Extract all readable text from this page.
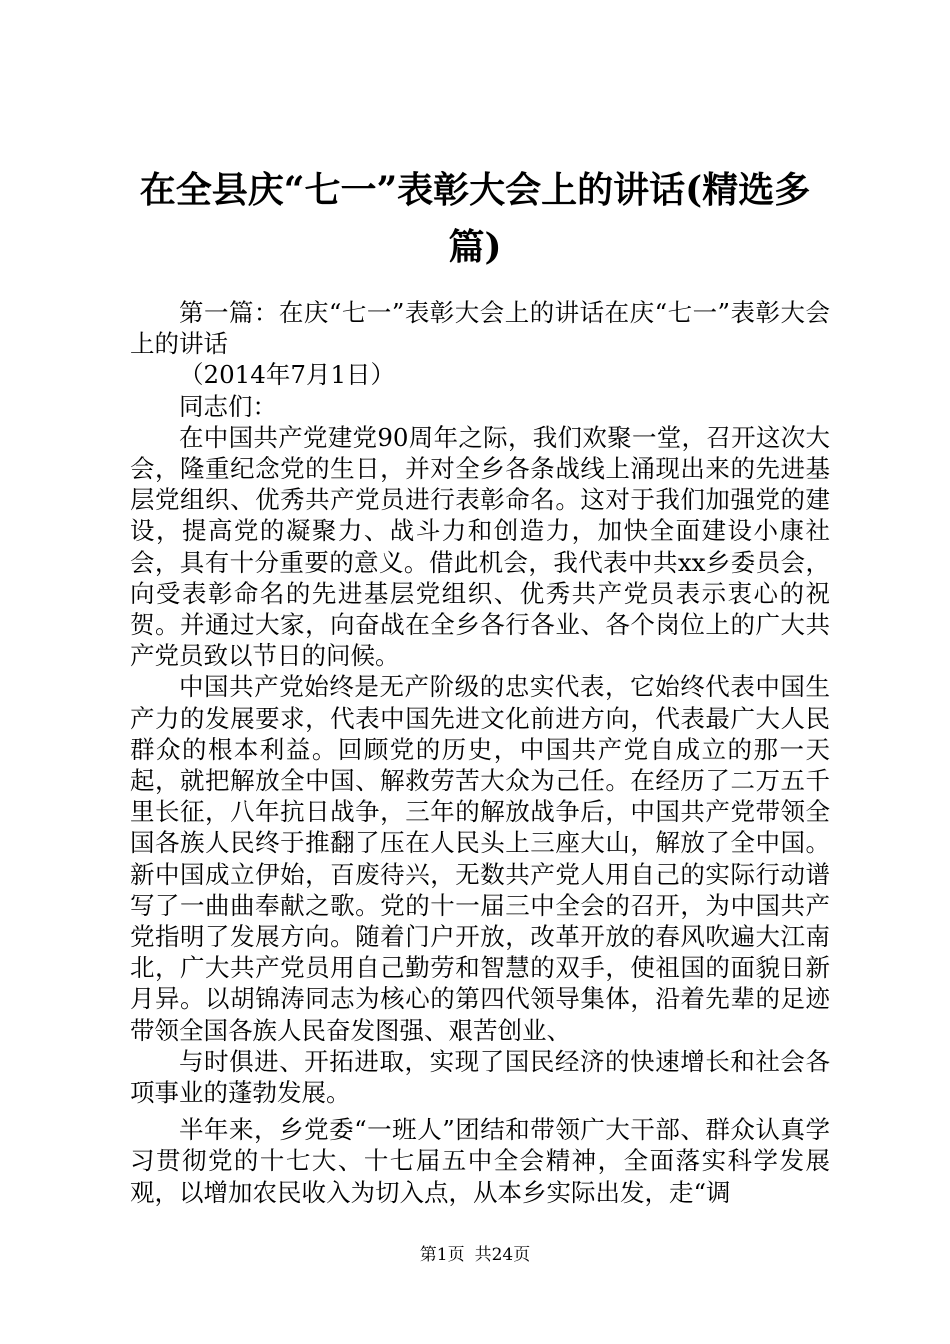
在全县庆“七一”表彰大会上的讲话(精选多篇)

第一篇：在庆“七一”表彰大会上的讲话在庆“七一”表彰大会上的讲话

（2014年7月1日）

同志们：

在中国共产党建党90周年之际，我们欢聚一堂，召开这次大会，隆重纪念党的生日，并对全乡各条战线上涌现出来的先进基层党组织、优秀共产党员进行表彰命名。这对于我们加强党的建设，提高党的凝聚力、战斗力和创造力，加快全面建设小康社会，具有十分重要的意义。借此机会，我代表中共xx乡委员会，向受表彰命名的先进基层党组织、优秀共产党员表示衷心的祝贺。并通过大家，向奋战在全乡各行各业、各个岗位上的广大共产党员致以节日的问候。

中国共产党始终是无产阶级的忠实代表，它始终代表中国生产力的发展要求，代表中国先进文化前进方向，代表最广大人民群众的根本利益。回顾党的历史，中国共产党自成立的那一天起，就把解放全中国、解救劳苦大众为己任。在经历了二万五千里长征，八年抗日战争，三年的解放战争后，中国共产党带领全国各族人民终于推翻了压在人民头上三座大山，解放了全中国。新中国成立伊始，百废待兴，无数共产党人用自己的实际行动谱写了一曲曲奉献之歌。党的十一届三中全会的召开，为中国共产党指明了发展方向。随着门户开放，改革开放的春风吹遍大江南北，广大共产党员用自己勤劳和智慧的双手，使祖国的面貌日新月异。以胡锦涛同志为核心的第四代领导集体，沿着先辈的足迹带领全国各族人民奋发图强、艰苦创业、

与时俱进、开拓进取，实现了国民经济的快速增长和社会各项事业的蓬勃发展。

半年来，乡党委“一班人”团结和带领广大干部、群众认真学习贯彻党的十七大、十七届五中全会精神，全面落实科学发展观，以增加农民收入为切入点，从本乡实际出发，走“调

第1页 共24页
